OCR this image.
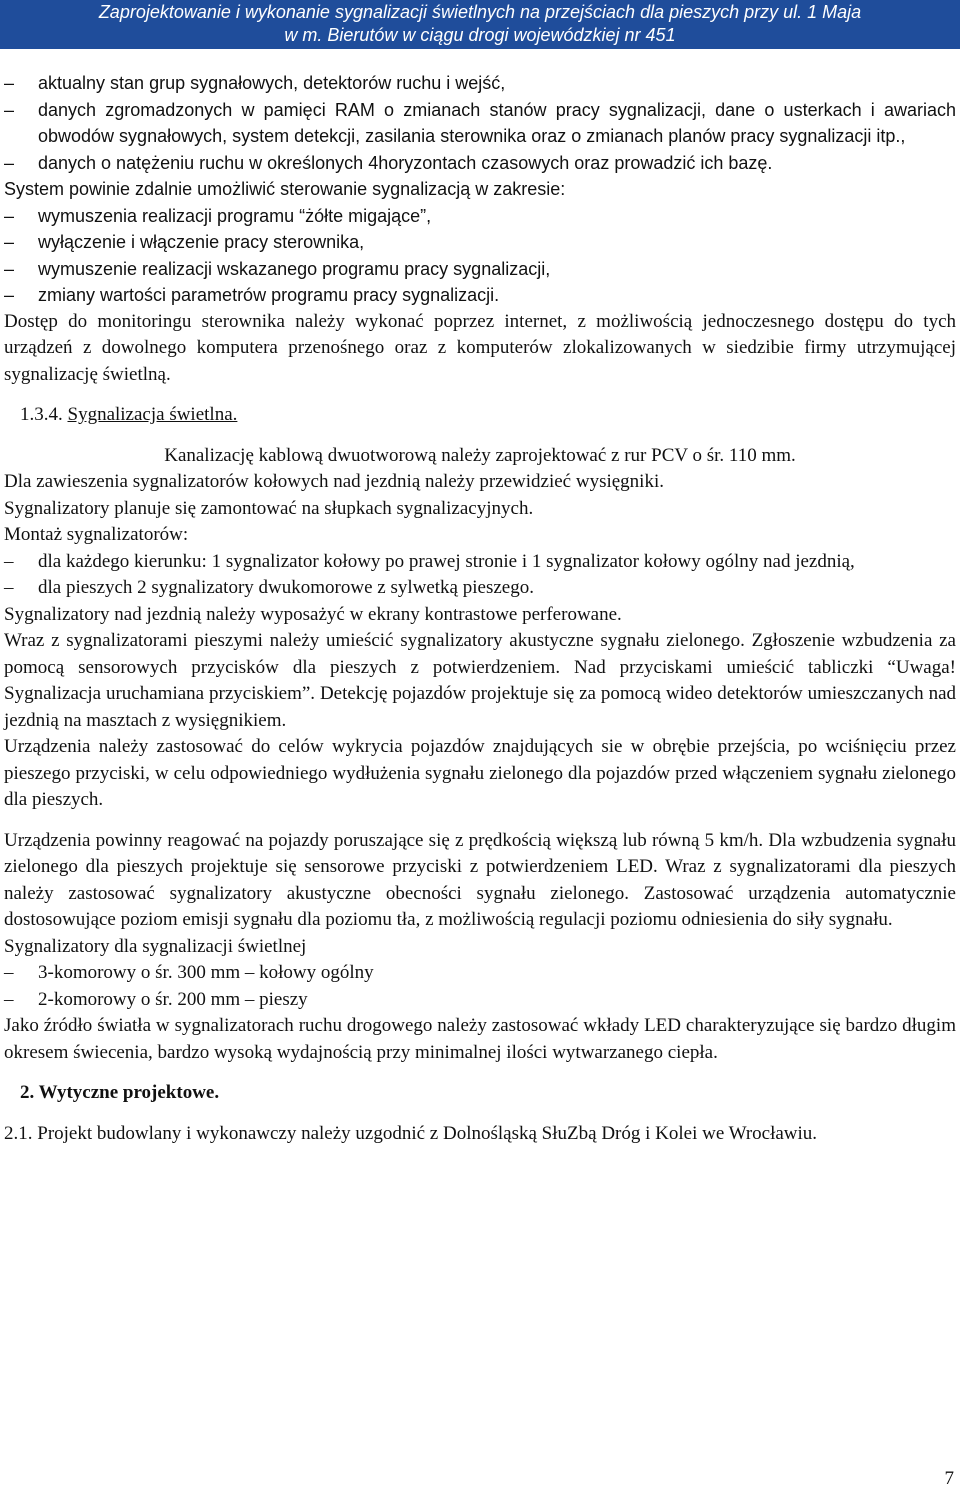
Zaprojektowanie i wykonanie sygnalizacji świetlnych na przejściach dla pieszych przy ul. 1 Maja
w m. Bierutów w ciągu drogi wojewódzkiej nr 451
– aktualny stan grup sygnałowych, detektorów ruchu i wejść,
– danych zgromadzonych w pamięci RAM o zmianach stanów pracy sygnalizacji, dane o usterkach i awariach obwodów sygnałowych, system detekcji, zasilania sterownika oraz o zmianach planów pracy sygnalizacji itp.,
– danych o natężeniu ruchu w określonych 4horyzontach czasowych oraz prowadzić ich bazę.

System powinie zdalnie umożliwić sterowanie sygnalizacją w zakresie:

– wymuszenia realizacji programu “żółte migające”,
– wyłączenie i włączenie pracy sterownika,
– wymuszenie realizacji wskazanego programu pracy sygnalizacji,
– zmiany wartości parametrów programu pracy sygnalizacji.

Dostęp do monitoringu sterownika należy wykonać poprzez internet, z możliwością jednoczesnego dostępu do tych urządzeń z dowolnego komputera przenośnego oraz z komputerów zlokalizowanych w siedzibie firmy utrzymującej sygnalizację świetlną.

1.3.4. Sygnalizacja świetlna.

Kanalizację kablową dwuotworową należy zaprojektować z rur PCV o śr. 110 mm.

Dla zawieszenia sygnalizatorów kołowych nad jezdnią należy przewidzieć wysięgniki.

Sygnalizatory planuje się zamontować na słupkach sygnalizacyjnych.

Montaż sygnalizatorów:

– dla każdego kierunku: 1 sygnalizator kołowy po prawej stronie i 1 sygnalizator kołowy ogólny nad jezdnią,
– dla pieszych 2 sygnalizatory dwukomorowe z sylwetką pieszego.

Sygnalizatory nad jezdnią należy wyposażyć w ekrany kontrastowe perferowane.

Wraz z sygnalizatorami pieszymi należy umieścić sygnalizatory akustyczne sygnału zielonego. Zgłoszenie wzbudzenia za pomocą sensorowych przycisków dla pieszych z potwierdzeniem. Nad przyciskami umieścić tabliczki “Uwaga! Sygnalizacja uruchamiana przyciskiem”. Detekcję pojazdów projektuje się za pomocą wideo detektorów umieszczanych nad jezdnią na masztach z wysięgnikiem.

Urządzenia należy zastosować do celów wykrycia pojazdów znajdujących sie w obrębie przejścia, po wciśnięciu przez pieszego przyciski, w celu odpowiedniego wydłużenia sygnału zielonego dla pojazdów przed włączeniem sygnału zielonego dla pieszych.

Urządzenia powinny reagować na pojazdy poruszające się z prędkością większą lub równą 5 km/h. Dla wzbudzenia sygnału zielonego dla pieszych projektuje się sensorowe przyciski z potwierdzeniem LED. Wraz z sygnalizatorami dla pieszych należy zastosować sygnalizatory akustyczne obecności sygnału zielonego. Zastosować urządzenia automatycznie dostosowujące poziom emisji sygnału dla poziomu tła, z możliwością regulacji poziomu odniesienia do siły sygnału.

Sygnalizatory dla sygnalizacji świetlnej

– 3-komorowy o śr. 300 mm – kołowy ogólny
– 2-komorowy o śr. 200 mm – pieszy

Jako źródło światła w sygnalizatorach ruchu drogowego należy zastosować wkłady LED charakteryzujące się bardzo długim okresem świecenia, bardzo wysoką wydajnością przy minimalnej ilości wytwarzanego ciepła.

2. Wytyczne projektowe.

2.1. Projekt budowlany i wykonawczy należy uzgodnić z Dolnośląską SłuZbą Dróg i Kolei we Wrocławiu.

7
